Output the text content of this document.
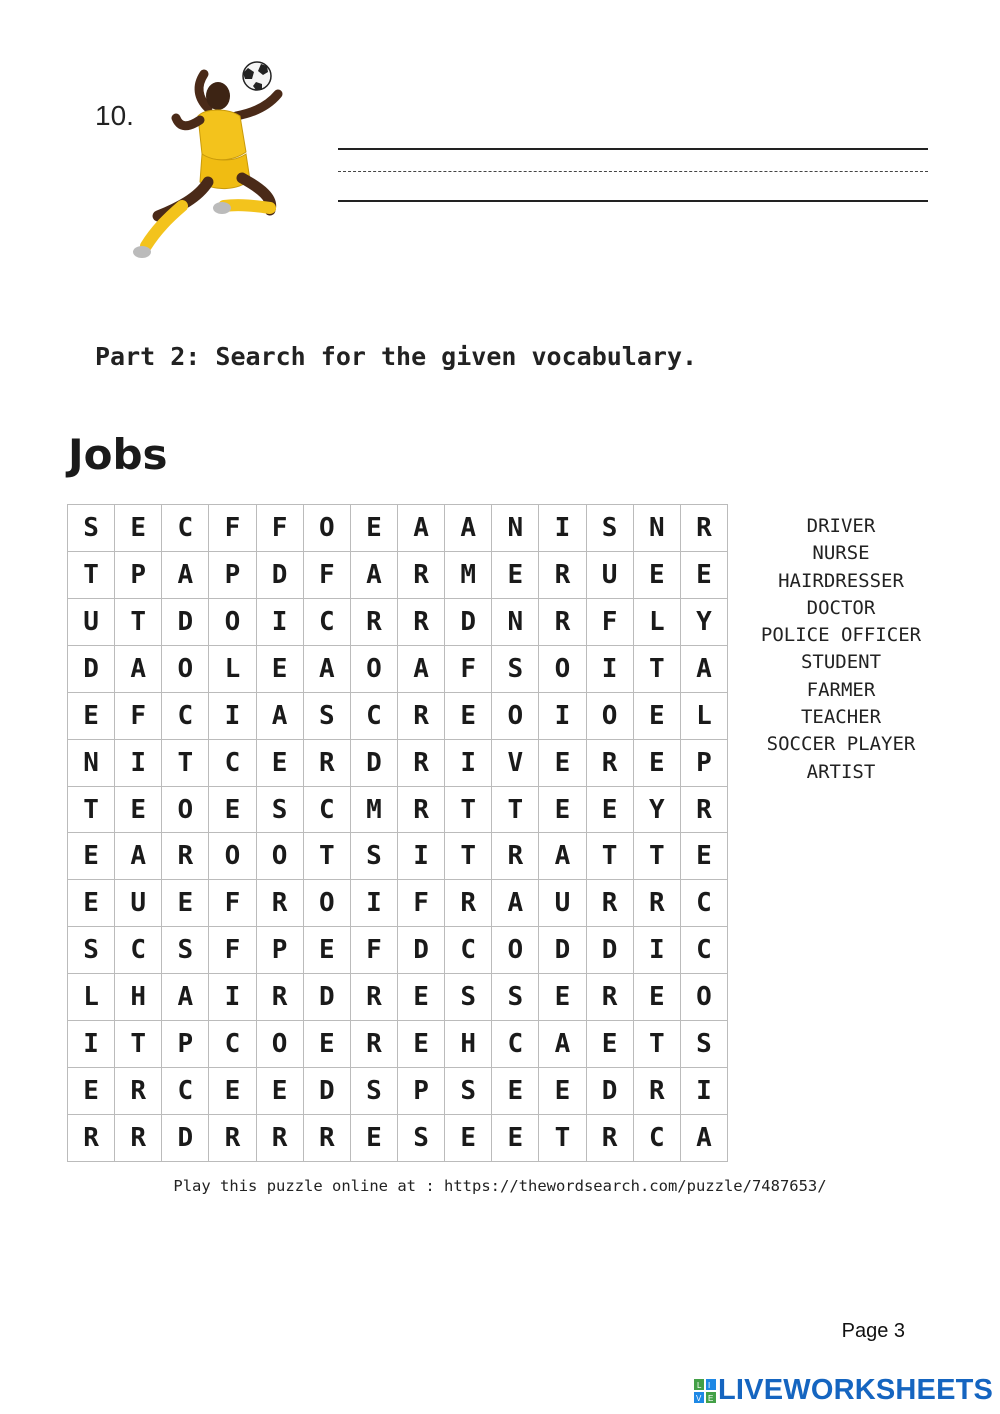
10.
Part 2: Search for the given vocabulary.
Jobs
S	E	C	F	F	O	E	A	A	N	I	S	N	R
T	P	A	P	D	F	A	R	M	E	R	U	E	E
U	T	D	O	I	C	R	R	D	N	R	F	L	Y
D	A	O	L	E	A	O	A	F	S	O	I	T	A
E	F	C	I	A	S	C	R	E	O	I	O	E	L
N	I	T	C	E	R	D	R	I	V	E	R	E	P
T	E	O	E	S	C	M	R	T	T	E	E	Y	R
E	A	R	O	O	T	S	I	T	R	A	T	T	E
E	U	E	F	R	O	I	F	R	A	U	R	R	C
S	C	S	F	P	E	F	D	C	O	D	D	I	C
L	H	A	I	R	D	R	E	S	S	E	R	E	O
I	T	P	C	O	E	R	E	H	C	A	E	T	S
E	R	C	E	E	D	S	P	S	E	E	D	R	I
R	R	D	R	R	R	E	S	E	E	T	R	C	A
DRIVER
NURSE
HAIRDRESSER
DOCTOR
POLICE OFFICER
STUDENT
FARMER
TEACHER
SOCCER PLAYER
ARTIST
Play this puzzle online at : https://thewordsearch.com/puzzle/7487653/
Page 3
L I
V E LIVEWORKSHEETS
